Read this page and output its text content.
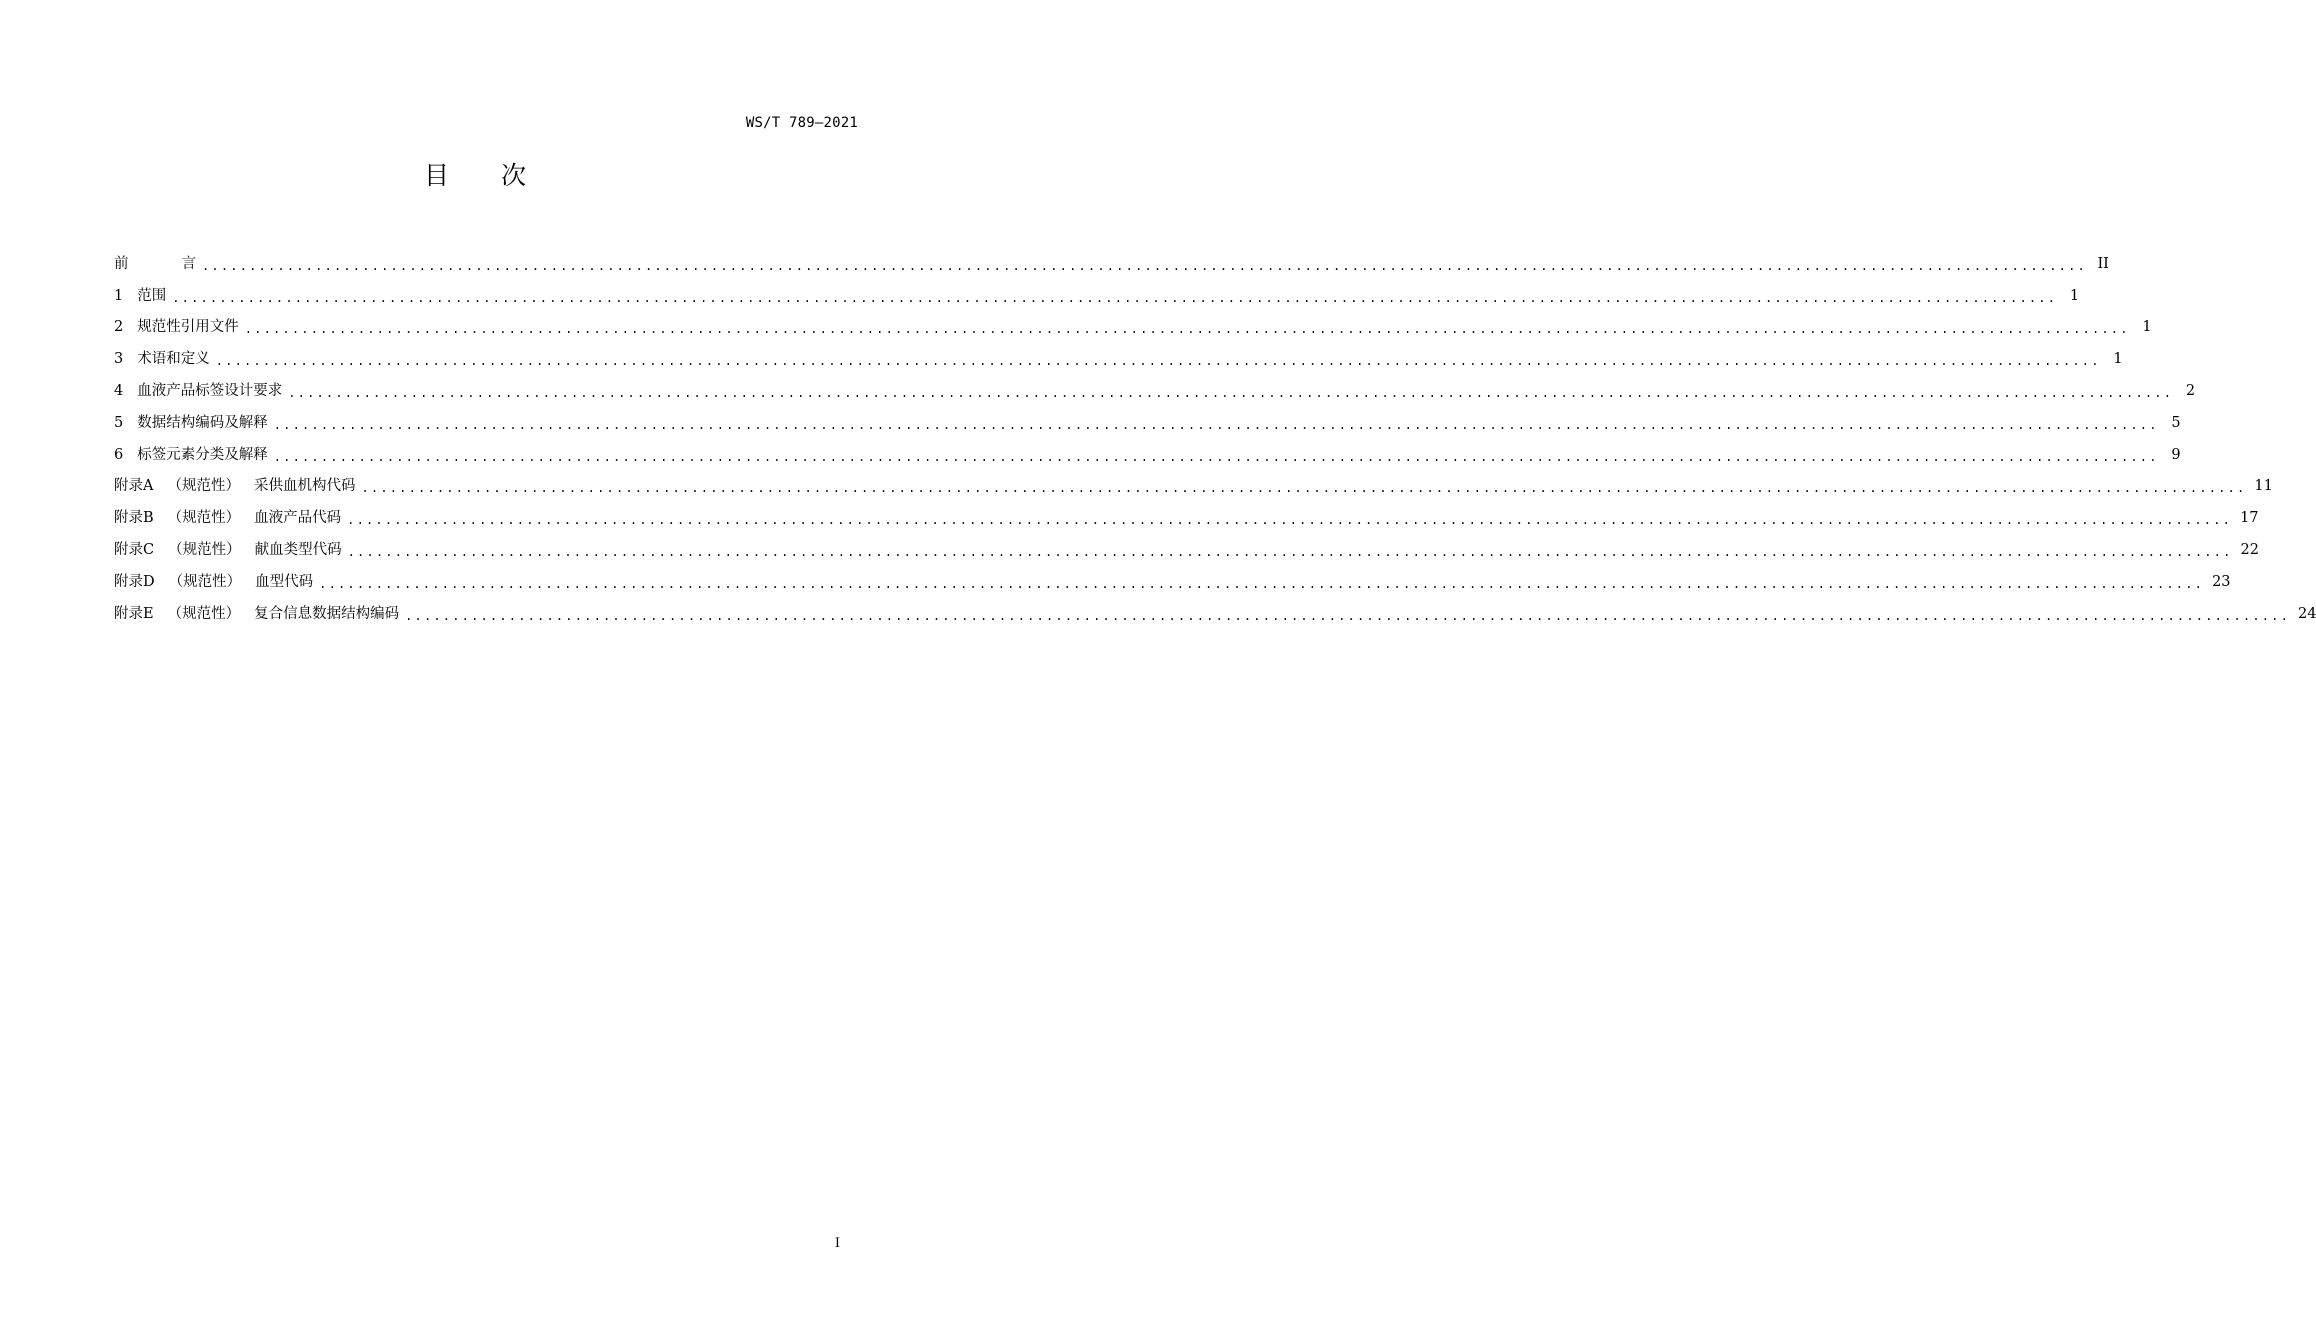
WS/T 789—2021
目 次
前	言 ........................................................................................................................................................................................................ II
1 范围 ........................................................................................................................................................................................................ 1
2 规范性引用文件 ........................................................................................................................................................................................................ 1
3 术语和定义 ........................................................................................................................................................................................................ 1
4 血液产品标签设计要求 ........................................................................................................................................................................................................ 2
5 数据结构编码及解释 ........................................................................................................................................................................................................ 5
6 标签元素分类及解释 ........................................................................................................................................................................................................ 9
附录A （规范性） 采供血机构代码 ........................................................................................................................................................................................................ 11
附录B （规范性） 血液产品代码 ........................................................................................................................................................................................................ 17
附录C （规范性） 献血类型代码 ........................................................................................................................................................................................................ 22
附录D （规范性） 血型代码 ........................................................................................................................................................................................................ 23
附录E （规范性） 复合信息数据结构编码 ........................................................................................................................................................................................................ 24
I
